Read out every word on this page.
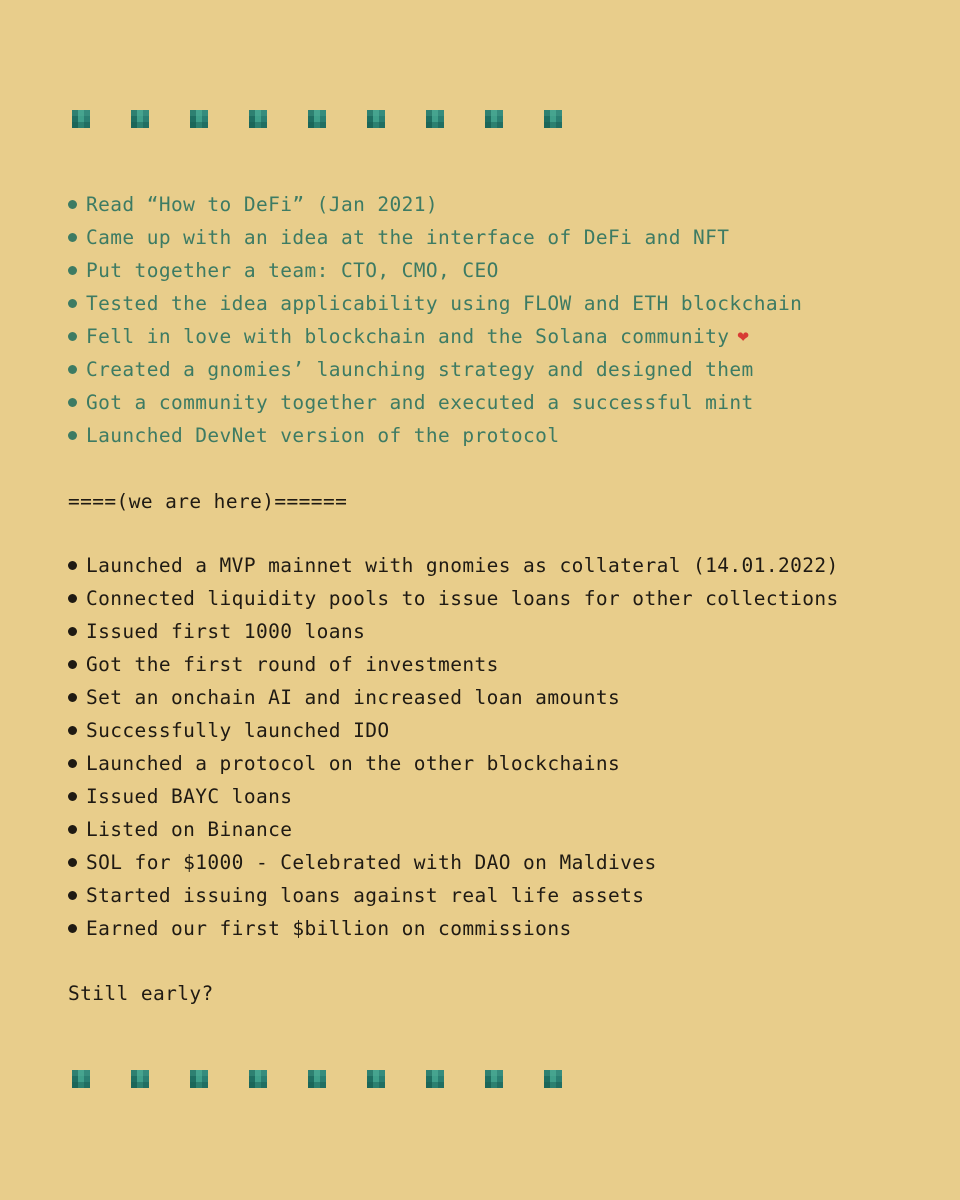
Read “How to DeFi” (Jan 2021)
Came up with an idea at the interface of DeFi and NFT
Put together a team: CTO, CMO, CEO
Tested the idea applicability using FLOW and ETH blockchain
Fell in love with blockchain and the Solana community ❤
Created a gnomies’ launching strategy and designed them
Got a community together and executed a successful mint
Launched DevNet version of the protocol
====(we are here)======
Launched a MVP mainnet with gnomies as collateral (14.01.2022)
Connected liquidity pools to issue loans for other collections
Issued first 1000 loans
Got the first round of investments
Set an onchain AI and increased loan amounts
Successfully launched IDO
Launched a protocol on the other blockchains
Issued BAYC loans
Listed on Binance
SOL for $1000 - Celebrated with DAO on Maldives
Started issuing loans against real life assets
Earned our first $billion on commissions
Still early?
